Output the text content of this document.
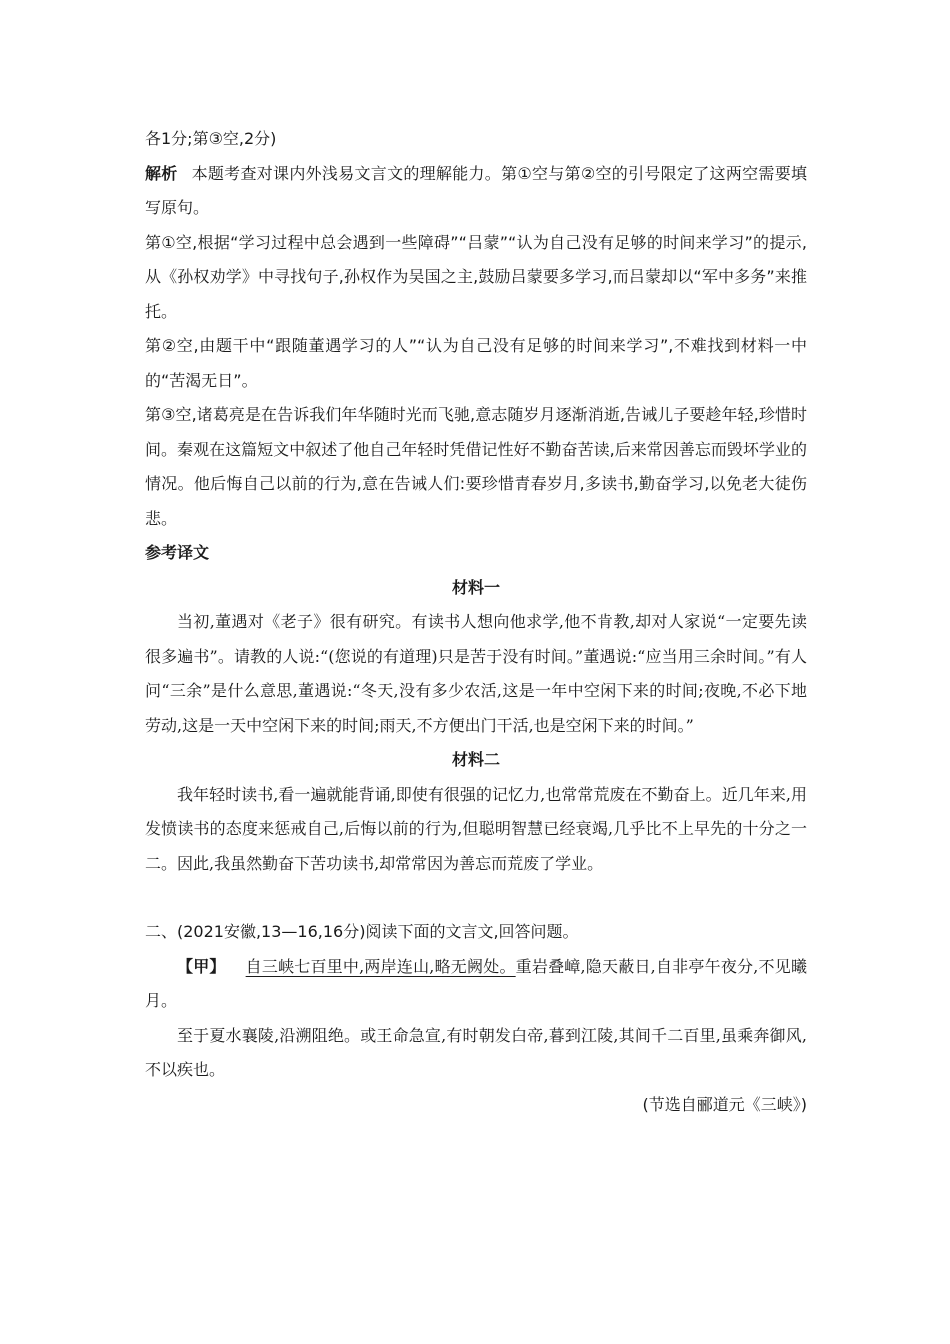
各1分;第③空,2分)

解析 本题考查对课内外浅易文言文的理解能力。第①空与第②空的引号限定了这两空需要填写原句。

第①空,根据“学习过程中总会遇到一些障碍”“吕蒙”“认为自己没有足够的时间来学习”的提示,从《孙权劝学》中寻找句子,孙权作为吴国之主,鼓励吕蒙要多学习,而吕蒙却以“军中多务”来推托。

第②空,由题干中“跟随董遇学习的人”“认为自己没有足够的时间来学习”,不难找到材料一中的“苦渴无日”。

第③空,诸葛亮是在告诉我们年华随时光而飞驰,意志随岁月逐渐消逝,告诫儿子要趁年轻,珍惜时间。秦观在这篇短文中叙述了他自己年轻时凭借记性好不勤奋苦读,后来常因善忘而毁坏学业的情况。他后悔自己以前的行为,意在告诫人们:要珍惜青春岁月,多读书,勤奋学习,以免老大徒伤悲。

参考译文

材料一

当初,董遇对《老子》很有研究。有读书人想向他求学,他不肯教,却对人家说“一定要先读很多遍书”。请教的人说:“(您说的有道理)只是苦于没有时间。”董遇说:“应当用三余时间。”有人问“三余”是什么意思,董遇说:“冬天,没有多少农活,这是一年中空闲下来的时间;夜晚,不必下地劳动,这是一天中空闲下来的时间;雨天,不方便出门干活,也是空闲下来的时间。”

材料二

我年轻时读书,看一遍就能背诵,即使有很强的记忆力,也常常荒废在不勤奋上。近几年来,用发愤读书的态度来惩戒自己,后悔以前的行为,但聪明智慧已经衰竭,几乎比不上早先的十分之一二。因此,我虽然勤奋下苦功读书,却常常因为善忘而荒废了学业。

二、(2021安徽,13—16,16分)阅读下面的文言文,回答问题。

【甲】 自三峡七百里中,两岸连山,略无阙处。重岩叠嶂,隐天蔽日,自非亭午夜分,不见曦月。

至于夏水襄陵,沿溯阻绝。或王命急宣,有时朝发白帝,暮到江陵,其间千二百里,虽乘奔御风,不以疾也。

(节选自郦道元《三峡》)
